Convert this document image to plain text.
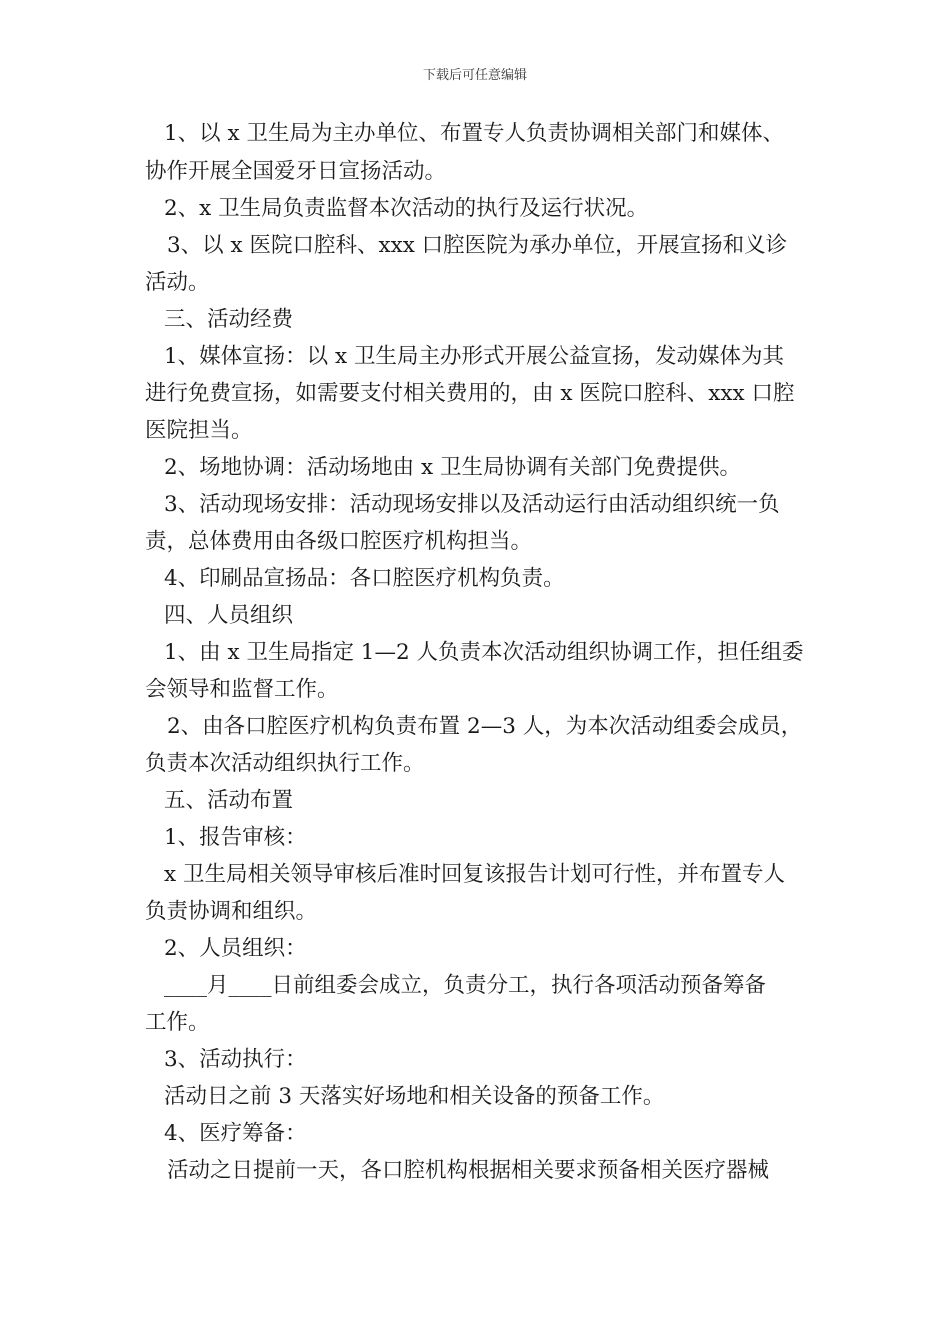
下载后可任意编辑
1、以 x 卫生局为主办单位、布置专人负责协调相关部门和媒体、
协作开展全国爱牙日宣扬活动。
2、x 卫生局负责监督本次活动的执行及运行状况。
3、以 x 医院口腔科、xxx 口腔医院为承办单位，开展宣扬和义诊
活动。
三、活动经费
1、媒体宣扬：以 x 卫生局主办形式开展公益宣扬，发动媒体为其
进行免费宣扬，如需要支付相关费用的，由 x 医院口腔科、xxx 口腔
医院担当。
2、场地协调：活动场地由 x 卫生局协调有关部门免费提供。
3、活动现场安排：活动现场安排以及活动运行由活动组织统一负
责，总体费用由各级口腔医疗机构担当。
4、印刷品宣扬品：各口腔医疗机构负责。
四、人员组织
1、由 x 卫生局指定 1—2 人负责本次活动组织协调工作，担任组委
会领导和监督工作。
2、由各口腔医疗机构负责布置 2—3 人，为本次活动组委会成员，
负责本次活动组织执行工作。
五、活动布置
1、报告审核：
x 卫生局相关领导审核后准时回复该报告计划可行性，并布置专人
负责协调和组织。
2、人员组织：
____月____日前组委会成立，负责分工，执行各项活动预备筹备
工作。
3、活动执行：
活动日之前 3 天落实好场地和相关设备的预备工作。
4、医疗筹备：
活动之日提前一天，各口腔机构根据相关要求预备相关医疗器械
